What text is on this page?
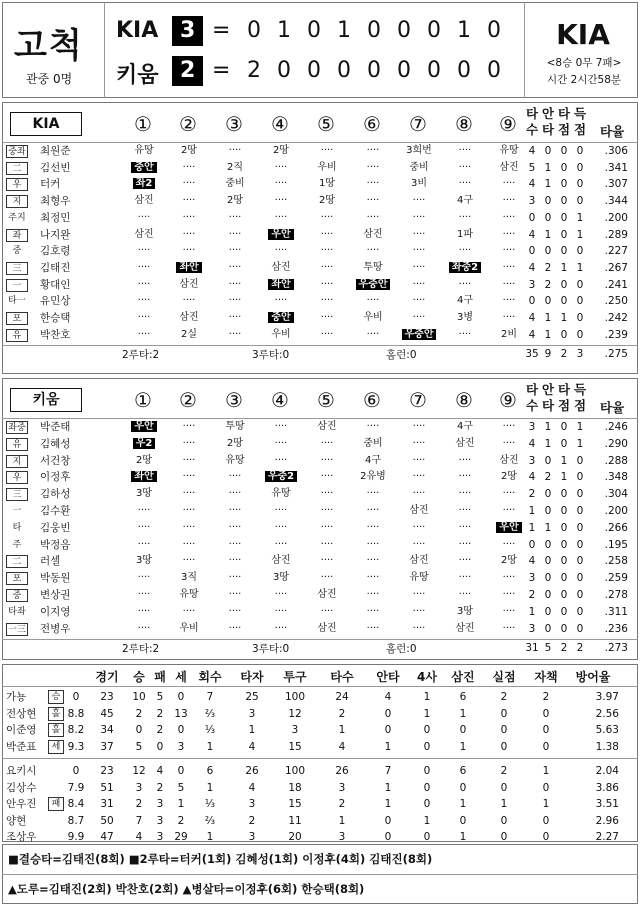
고척
관중 0명
KIA 3 = 0 1 0 1 0 0 0 1 0
키움 2 = 2 0 0 0 0 0 0 0 0
KIA
<8승 0무 7패>
시간 2시간58분
KIA	① ② ③ ④ ⑤ ⑥ ⑦ ⑧ ⑨ 타
수
안
타
타
점
득
점 타율
중좌 최원준	유땅	2땅	····	2땅	····	····	3희번	····	유땅 4 0 0 0	.306
二	김선빈	중안	····	2직	····	우비	····	중비	····	삼진 5 1 0 0	.341
우	터커	좌2	····	중비	····	1땅	····	3비	····	····	4 1 0 0	.307
지	최형우	삼진	····	2땅	····	2땅	····	····	4구	····	3 0 0 0	.344
주지 최정민	····	····	····	····	····	····	····	····	····	0 0 0 1	.200
좌	나지완	삼진	····	····	우안	····	삼진	····	1파	····	4 1 0 1	.289
중	김호령	····	····	····	····	····	····	····	····	····	0 0 0 0	.227
三	김태진	····	좌안	····	삼진	····	투땅	····	좌중2	····	4 2 1 1	.267
一	황대인	····	삼진	····	좌안	····	우중안	····	····	····	3 2 0 0	.241
타一 유민상	····	····	····	····	····	····	····	4구	····	0 0 0 0	.250
포	한승택	····	삼진	····	중안	····	우비	····	3병	····	4 1 1 0	.242
유	박찬호	····	2실	····	우비	····	····	우중안	····	2비	4 1 0 0	.239
2루타:2	3루타:0	홈런:0	35 9 2 3	.275
키움	① ② ③ ④ ⑤ ⑥ ⑦ ⑧ ⑨ 타
수
안
타
타
점
득
점 타율
좌중 박준태	우안	····	투땅	····	삼진	····	····	4구	····	3 1 0 1	.246
유	김혜성	우2	····	2땅	····	····	중비	····	삼진	····	4 1 0 1	.290
지	서건창	2땅	····	유땅	····	····	4구	····	····	삼진 3 0 1 0	.288
우	이정후	좌안	····	····	우중2	····	2유병	····	····	2땅	4 2 1 0	.348
三	김하성	3땅	····	····	유땅	····	····	····	····	····	2 0 0 0	.304
一	김수환	····	····	····	····	····	····	삼진	····	····	1 0 0 0	.200
타	김웅빈	····	····	····	····	····	····	····	····	우안 1 1 0 0	.266
주	박정음	····	····	····	····	····	····	····	····	····	0 0 0 0	.195
二	러셀	3땅	····	····	삼진	····	····	삼진	····	2땅	4 0 0 0	.258
포	박동원	····	3직	····	3땅	····	····	유땅	····	····	3 0 0 0	.259
중	변상권	····	유땅	····	····	삼진	····	····	····	····	2 0 0 0	.278
타좌 이지영	····	····	····	····	····	····	····	3땅	····	1 0 0 0	.311
一三 전병우	····	우비	····	····	삼진	····	····	삼진	····	3 0 0 0	.236
2루타:2	3루타:0	홈런:0	31 5 2 2	.273
경기	승 패 세 회수	타자	투구	타수	안타	4사	삼진	실점	자책	방어율
가뇽	승	0	23	10	5	0	7	25	100	24	4	1	6	2	2	3.97
전상현	홀 8.8	45	2	2	13	⅔	3	12	2	0	1	1	0	0	2.56
이준영	홀 8.2	34	0	2	0	⅓	1	3	1	0	0	0	0	0	5.63
박준표	세 9.3	37	5	0	3	1	4	15	4	1	0	1	0	0	1.38
요키시	0	23	12	4	0	6	26	100	26	7	0	6	2	1	2.04
김상수	7.9	51	3	2	5	1	4	18	3	1	0	0	0	0	3.86
안우진	패 8.4	31	2	3	1	⅓	3	15	2	1	0	1	1	1	3.51
양현	8.7	50	7	3	2	⅔	2	11	1	0	1	0	0	0	2.96
조상우	9.9	47	4	3	29	1	3	20	3	0	0	1	0	0	2.27
■결승타=김태진(8회) ■2루타=터커(1회) 김혜성(1회) 이정후(4회) 김태진(8회)
▲도루=김태진(2회) 박찬호(2회) ▲병살타=이정후(6회) 한승택(8회)
